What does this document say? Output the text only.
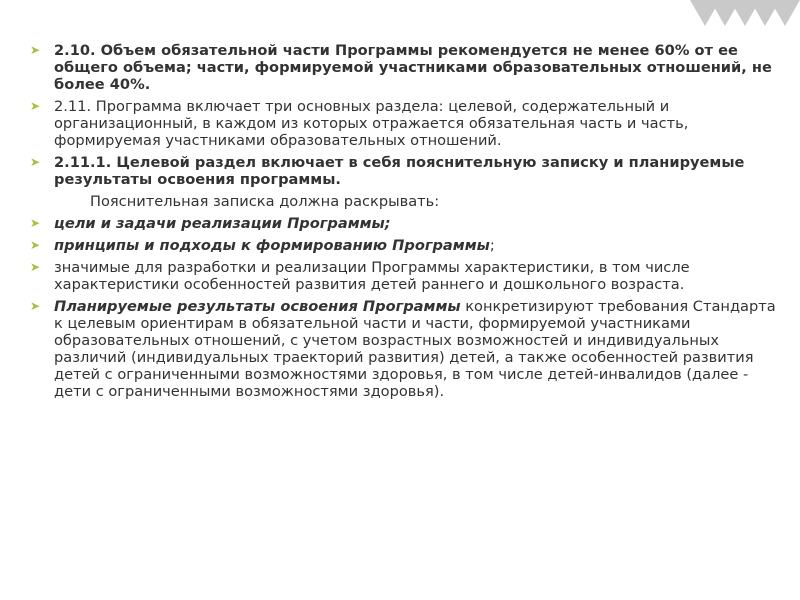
➤ 2.10. Объем обязательной части Программы рекомендуется не менее 60% от ее общего объема; части, формируемой участниками образовательных отношений, не более 40%.
➤ 2.11. Программа включает три основных раздела: целевой, содержательный и организационный, в каждом из которых отражается обязательная часть и часть, формируемая участниками образовательных отношений.
➤ 2.11.1. Целевой раздел включает в себя пояснительную записку и планируемые результаты освоения программы.
Пояснительная записка должна раскрывать:
➤ цели и задачи реализации Программы;
➤ принципы и подходы к формированию Программы;
➤ значимые для разработки и реализации Программы характеристики, в том числе характеристики особенностей развития детей раннего и дошкольного возраста.
➤ Планируемые результаты освоения Программы конкретизируют требования Стандарта к целевым ориентирам в обязательной части и части, формируемой участниками образовательных отношений, с учетом возрастных возможностей и индивидуальных различий (индивидуальных траекторий развития) детей, а также особенностей развития детей с ограниченными возможностями здоровья, в том числе детей-инвалидов (далее - дети с ограниченными возможностями здоровья).
